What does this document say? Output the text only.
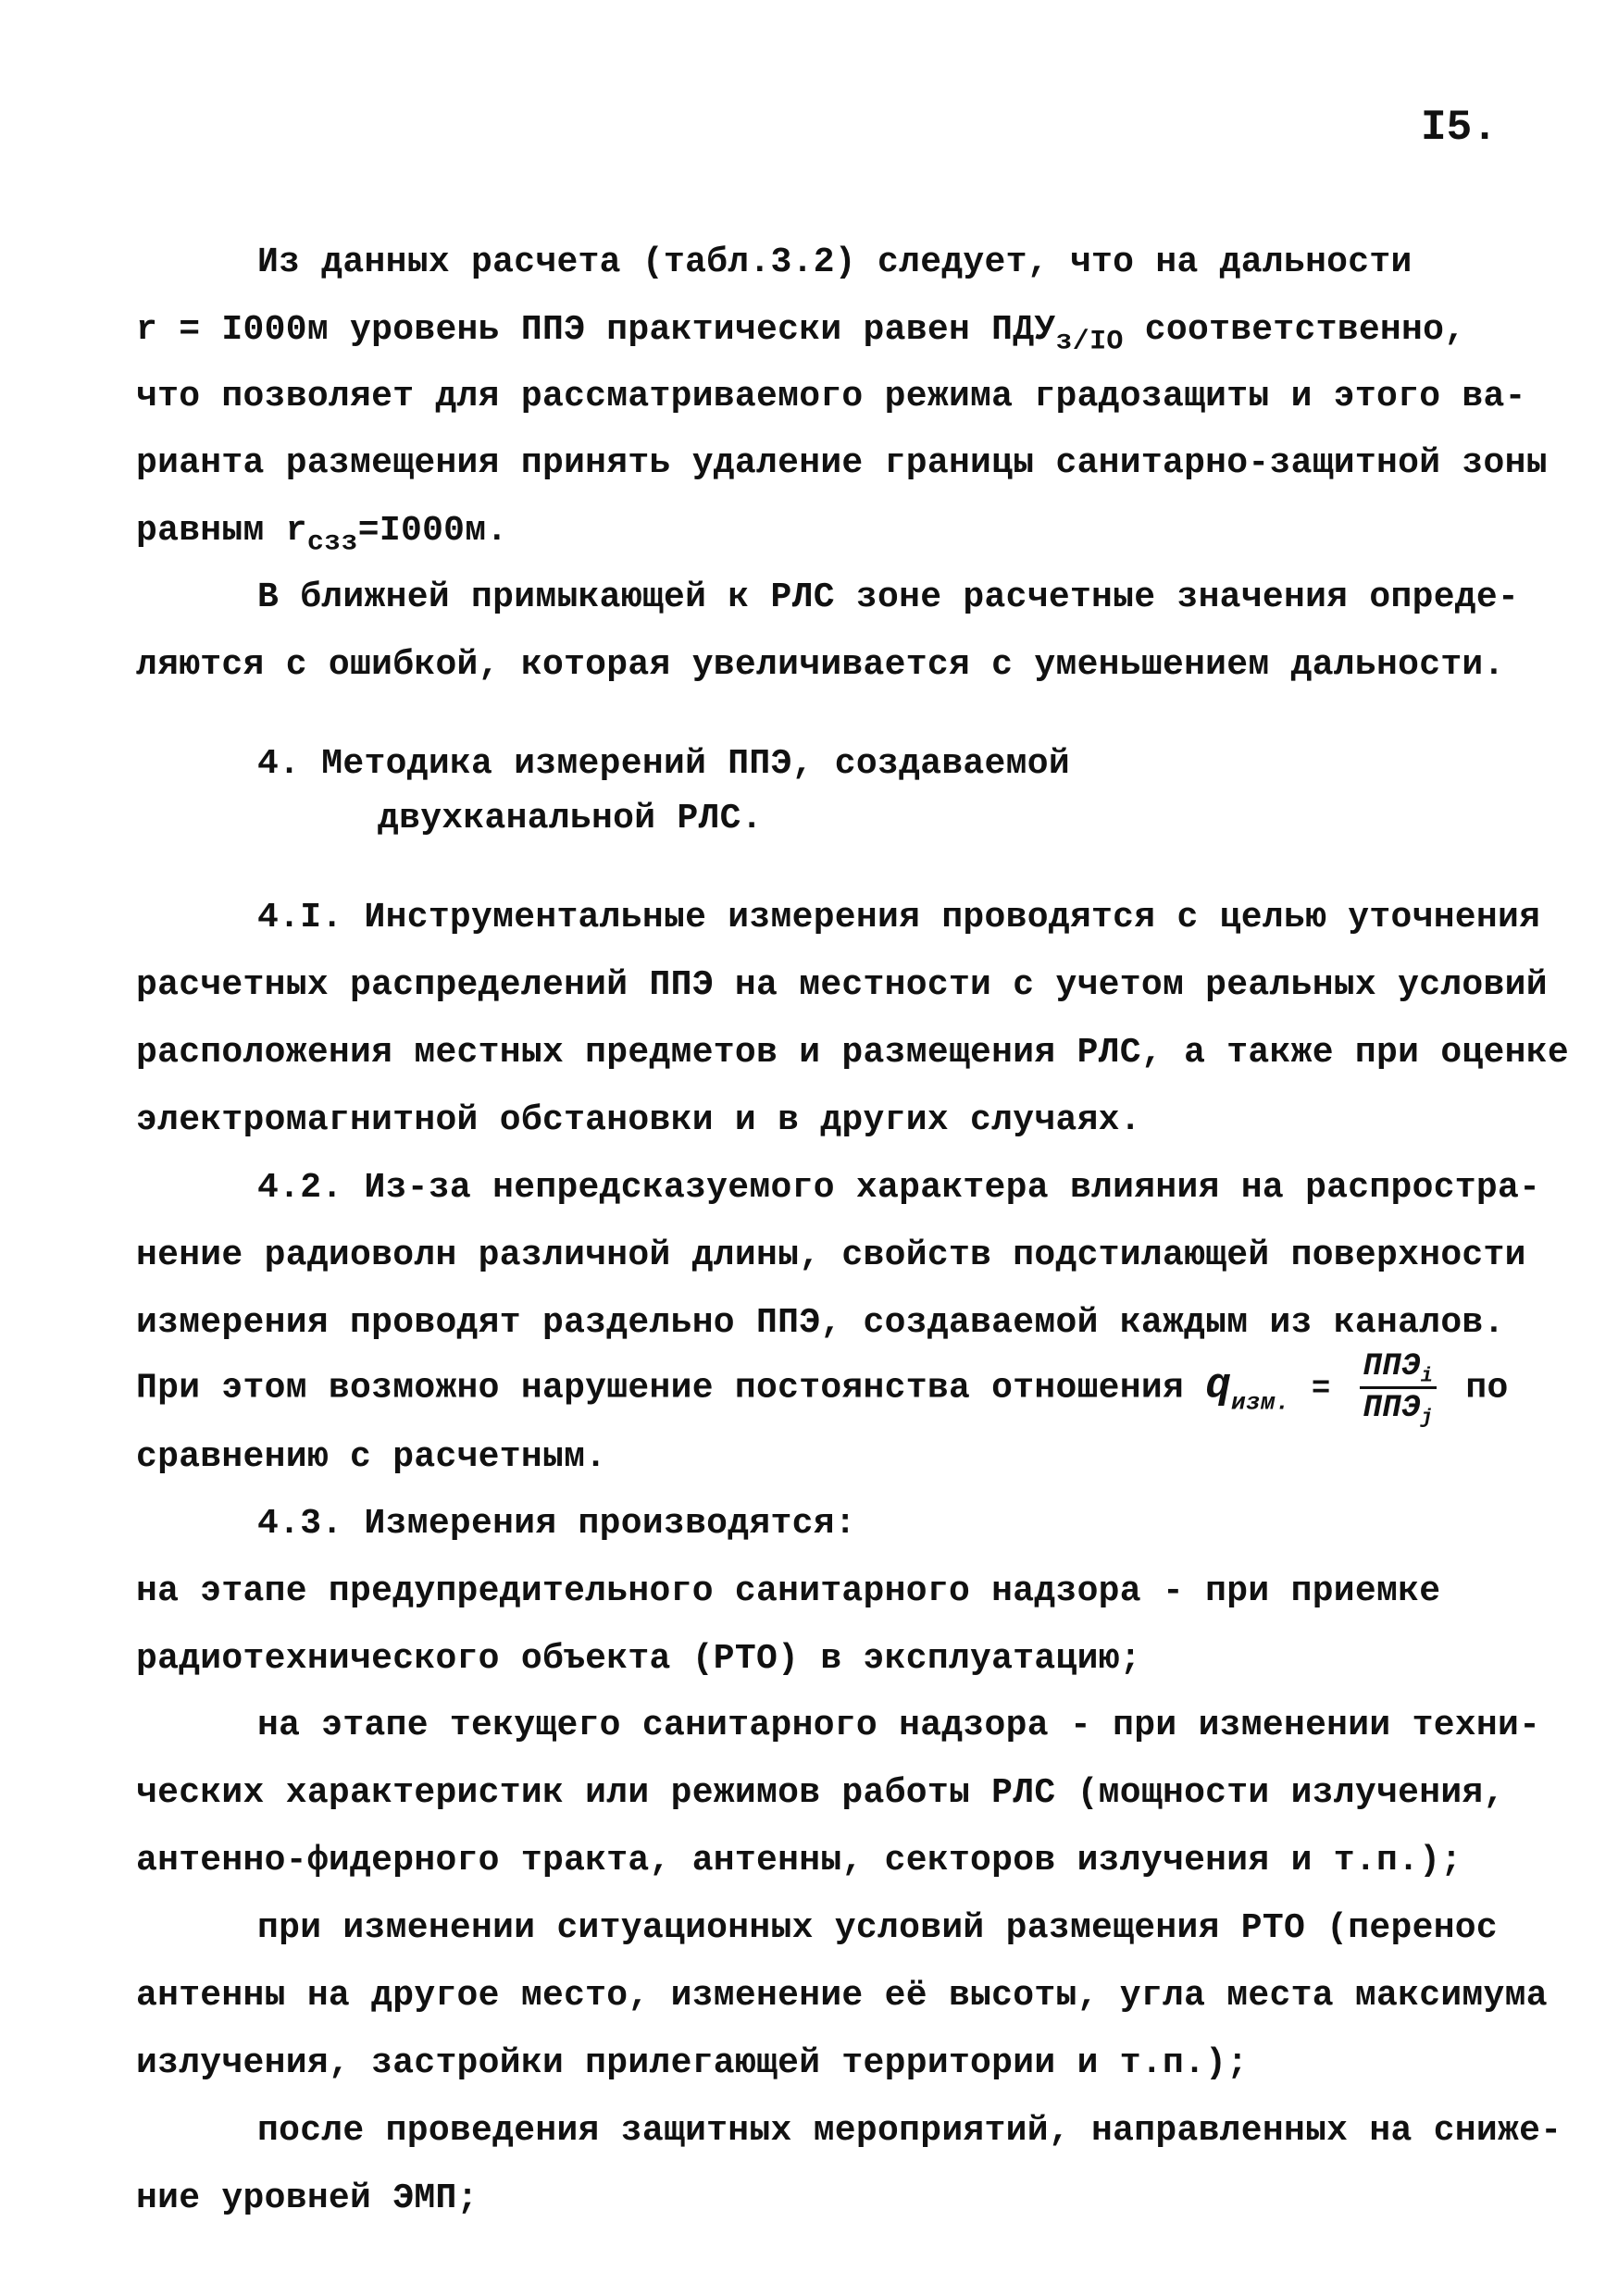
I5.
Из данных расчета (табл.3.2) следует, что на дальности
r = I000м уровень ППЭ практически равен $ПДУ_{з/IO}$ соответственно,
что позволяет для рассматриваемого режима градозащиты и этого ва-
рианта размещения принять удаление границы санитарно-защитной зоны
равным $r_{сзз}=I000м$.
В ближней примыкающей к РЛС зоне расчетные значения опреде-
ляются с ошибкой, которая увеличивается с уменьшением дальности.
4. Методика измерений ППЭ, создаваемой
двухканальной РЛС.
4.I. Инструментальные измерения проводятся с целью уточнения
расчетных распределений ППЭ на местности с учетом реальных условий
расположения местных предметов и размещения РЛС, а также при оценке
электромагнитной обстановки и в других случаях.
4.2. Из-за непредсказуемого характера влияния на распростра-
нение радиоволн различной длины, свойств подстилающей поверхности
измерения проводят раздельно ППЭ, создаваемой каждым из каналов.
При этом возможно нарушение постоянства отношения $q_{изм.} = \frac{ППЭ_i}{ППЭ_j}$ по
сравнению с расчетным.
4.3. Измерения производятся:
на этапе предупредительного санитарного надзора - при приемке
радиотехнического объекта (РТО) в эксплуатацию;
на этапе текущего санитарного надзора - при изменении техни-
ческих характеристик или режимов работы РЛС (мощности излучения,
антенно-фидерного тракта, антенны, секторов излучения и т.п.);
при изменении ситуационных условий размещения РТО (перенос
антенны на другое место, изменение её высоты, угла места максимума
излучения, застройки прилегающей территории и т.п.);
после проведения защитных мероприятий, направленных на сниже-
ние уровней ЭМП;
